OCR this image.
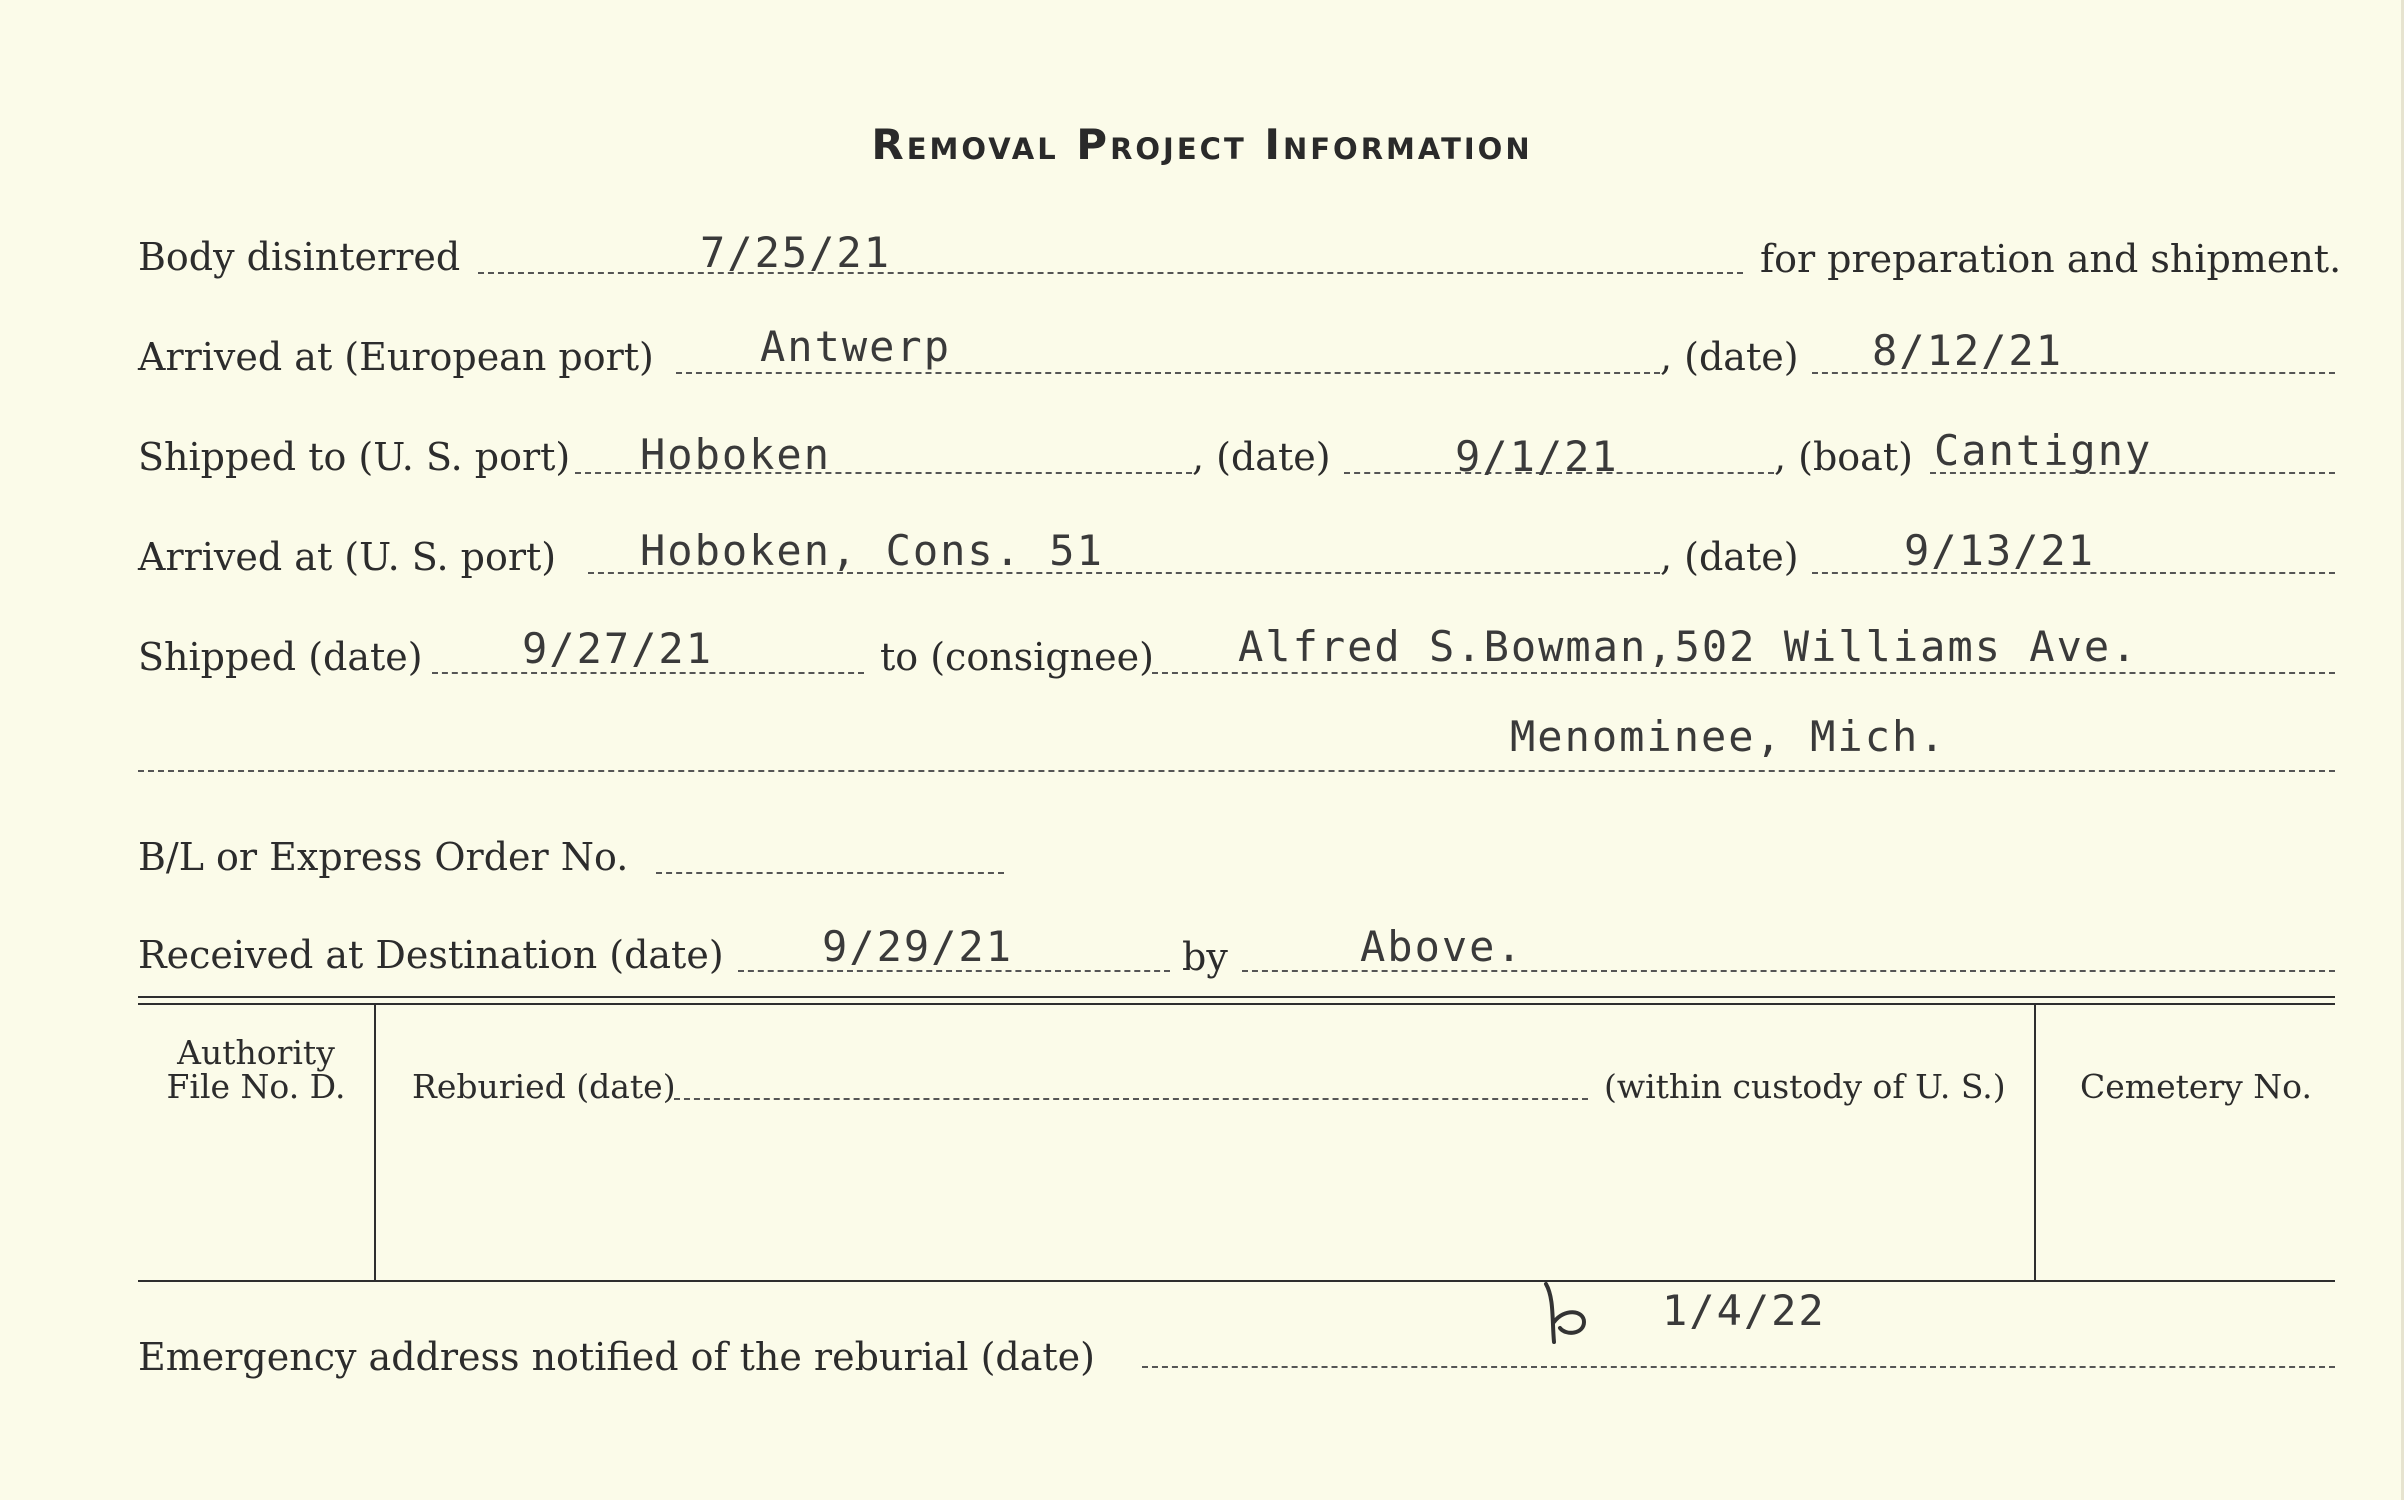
Removal Project Information
Body disinterred	7/25/21	for preparation and shipment.
Arrived at (European port)	Antwerp	, (date) 8/12/21
Shipped to (U. S. port) Hoboken	, (date)	9/1/21	, (boat) Cantigny
Arrived at (U. S. port) Hoboken, Cons. 51	, (date)	9/13/21
Shipped (date) 9/27/21	to (consignee) Alfred S.Bowman,502 Williams Ave.
Menominee, Mich.
B/L or Express Order No.
Received at Destination (date) 9/29/21	by	Above.
Authority
File No. D.	Reburied (date)	(within custody of U. S.) Cemetery No.
Emergency address notified of the reburial (date)
1/4/22
